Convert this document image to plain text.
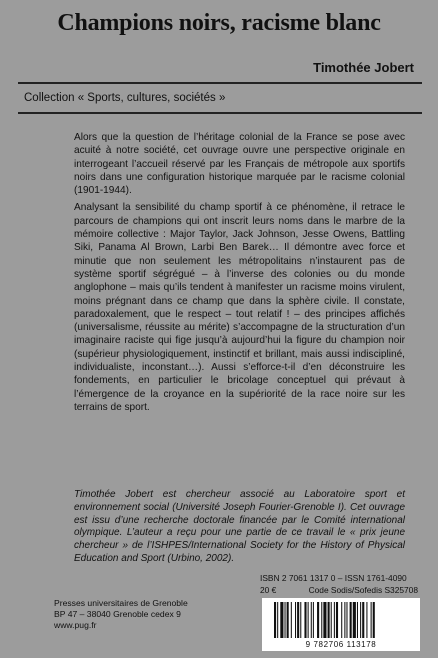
Champions noirs, racisme blanc
Timothée Jobert
Collection « Sports, cultures, sociétés »

Alors que la question de l’héritage colonial de la France se pose avec acuité à notre société, cet ouvrage ouvre une perspective originale en interrogeant l’accueil réservé par les Français de métropole aux sportifs noirs dans une configuration historique marquée par le racisme colonial (1901-1944).

Analysant la sensibilité du champ sportif à ce phénomène, il retrace le parcours de champions qui ont inscrit leurs noms dans le marbre de la mémoire collective : Major Taylor, Jack Johnson, Jesse Owens, Battling Siki, Panama Al Brown, Larbi Ben Barek… Il démontre avec force et minutie que non seulement les métropolitains n’instaurent pas de système sportif ségrégué – à l’inverse des colonies ou du monde anglophone – mais qu’ils tendent à manifester un racisme moins virulent, moins prégnant dans ce champ que dans la sphère civile. Il constate, paradoxalement, que le respect – tout relatif ! – des principes affichés (universalisme, réussite au mérite) s’accompagne de la structuration d’un imaginaire raciste qui fige jusqu’à aujourd’hui la figure du champion noir (supérieur physiologiquement, instinctif et brillant, mais aussi indiscipliné, individualiste, inconstant…). Aussi s’efforce-t-il d’en déconstruire les fondements, en particulier le bricolage conceptuel qui prévaut à l’émergence de la croyance en la supériorité de la race noire sur les terrains de sport.

Timothée Jobert est chercheur associé au Laboratoire sport et environnement social (Université Joseph Fourier-Grenoble I). Cet ouvrage est issu d’une recherche doctorale financée par le Comité international olympique. L’auteur a reçu pour une partie de ce travail le « prix jeune chercheur » de l’ISHPES/International Society for the History of Physical Education and Sport (Urbino, 2002).
ISBN 2 7061 1317 0 – ISSN 1761-4090
20 €	Code Sodis/Sofedis S325708
9 782706 113178
Presses universitaires de Grenoble
BP 47 – 38040 Grenoble cedex 9
www.pug.fr
